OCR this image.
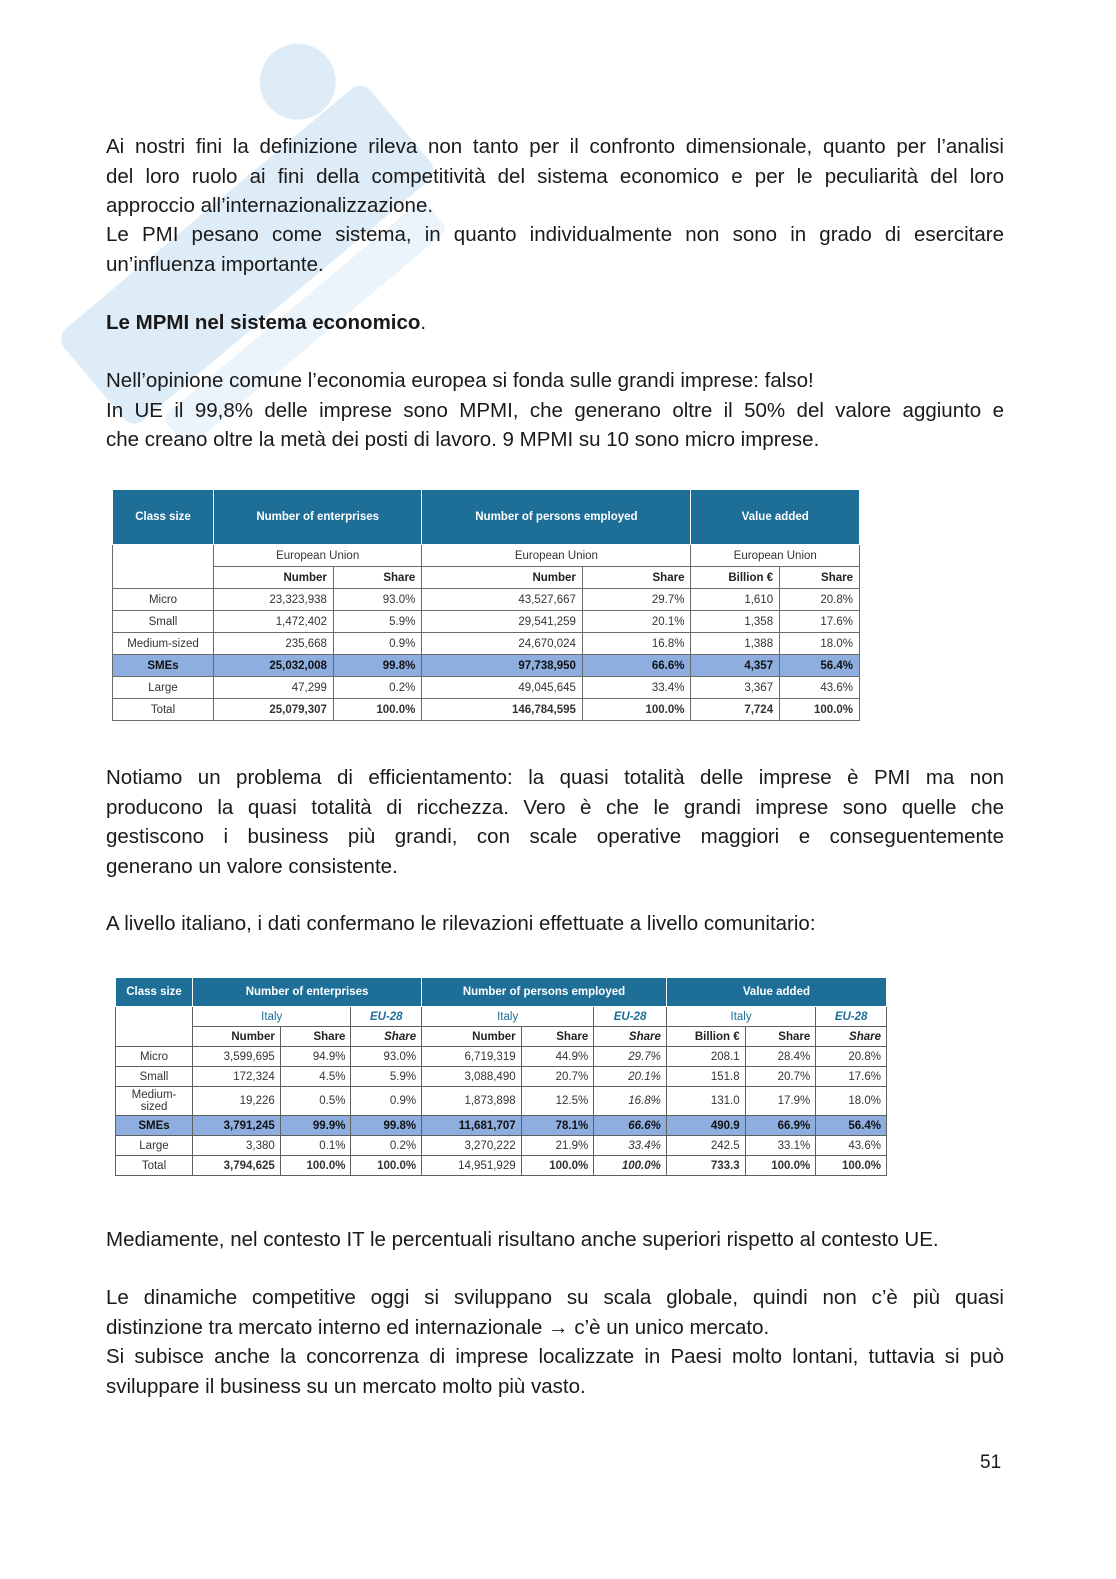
Ai nostri fini la definizione rileva non tanto per il confronto dimensionale, quanto per l’analisi
del loro ruolo ai fini della competitività del sistema economico e per le peculiarità del loro
approccio all’internazionalizzazione.

Le PMI pesano come sistema, in quanto individualmente non sono in grado di esercitare
un’influenza importante.

Le MPMI nel sistema economico.

Nell’opinione comune l’economia europea si fonda sulle grandi imprese: falso!
In UE il 99,8% delle imprese sono MPMI, che generano oltre il 50% del valore aggiunto e
che creano oltre la metà dei posti di lavoro. 9 MPMI su 10 sono micro imprese.

Class size	Number of enterprises		Number of persons employed		Value added	
	European Union		European Union		European Union	
	Number	Share	Number	Share	Billion €	Share
Micro	23,323,938	93.0%	43,527,667	29.7%	1,610	20.8%
Small	1,472,402	5.9%	29,541,259	20.1%	1,358	17.6%
Medium-sized	235,668	0.9%	24,670,024	16.8%	1,388	18.0%
SMEs	25,032,008	99.8%	97,738,950	66.6%	4,357	56.4%
Large	47,299	0.2%	49,045,645	33.4%	3,367	43.6%
Total	25,079,307	100.0%	146,784,595	100.0%	7,724	100.0%

Notiamo un problema di efficientamento: la quasi totalità delle imprese è PMI ma non
producono la quasi totalità di ricchezza. Vero è che le grandi imprese sono quelle che
gestiscono i business più grandi, con scale operative maggiori e conseguentemente
generano un valore consistente.

A livello italiano, i dati confermano le rilevazioni effettuate a livello comunitario:

Class size	Number of enterprises			Number of persons employed			Value added		
	Italy		EU-28	Italy		EU-28	Italy		EU-28
	Number	Share	Share	Number	Share	Share	Billion €	Share	Share
Micro	3,599,695	94.9%	93.0%	6,719,319	44.9%	29.7%	208.1	28.4%	20.8%
Small	172,324	4.5%	5.9%	3,088,490	20.7%	20.1%	151.8	20.7%	17.6%
Medium-sized	19,226	0.5%	0.9%	1,873,898	12.5%	16.8%	131.0	17.9%	18.0%
SMEs	3,791,245	99.9%	99.8%	11,681,707	78.1%	66.6%	490.9	66.9%	56.4%
Large	3,380	0.1%	0.2%	3,270,222	21.9%	33.4%	242.5	33.1%	43.6%
Total	3,794,625	100.0%	100.0%	14,951,929	100.0%	100.0%	733.3	100.0%	100.0%

Mediamente, nel contesto IT le percentuali risultano anche superiori rispetto al contesto UE.

Le dinamiche competitive oggi si sviluppano su scala globale, quindi non c’è più quasi
distinzione tra mercato interno ed internazionale → c’è un unico mercato.

Si subisce anche la concorrenza di imprese localizzate in Paesi molto lontani, tuttavia si può
sviluppare il business su un mercato molto più vasto.

51
